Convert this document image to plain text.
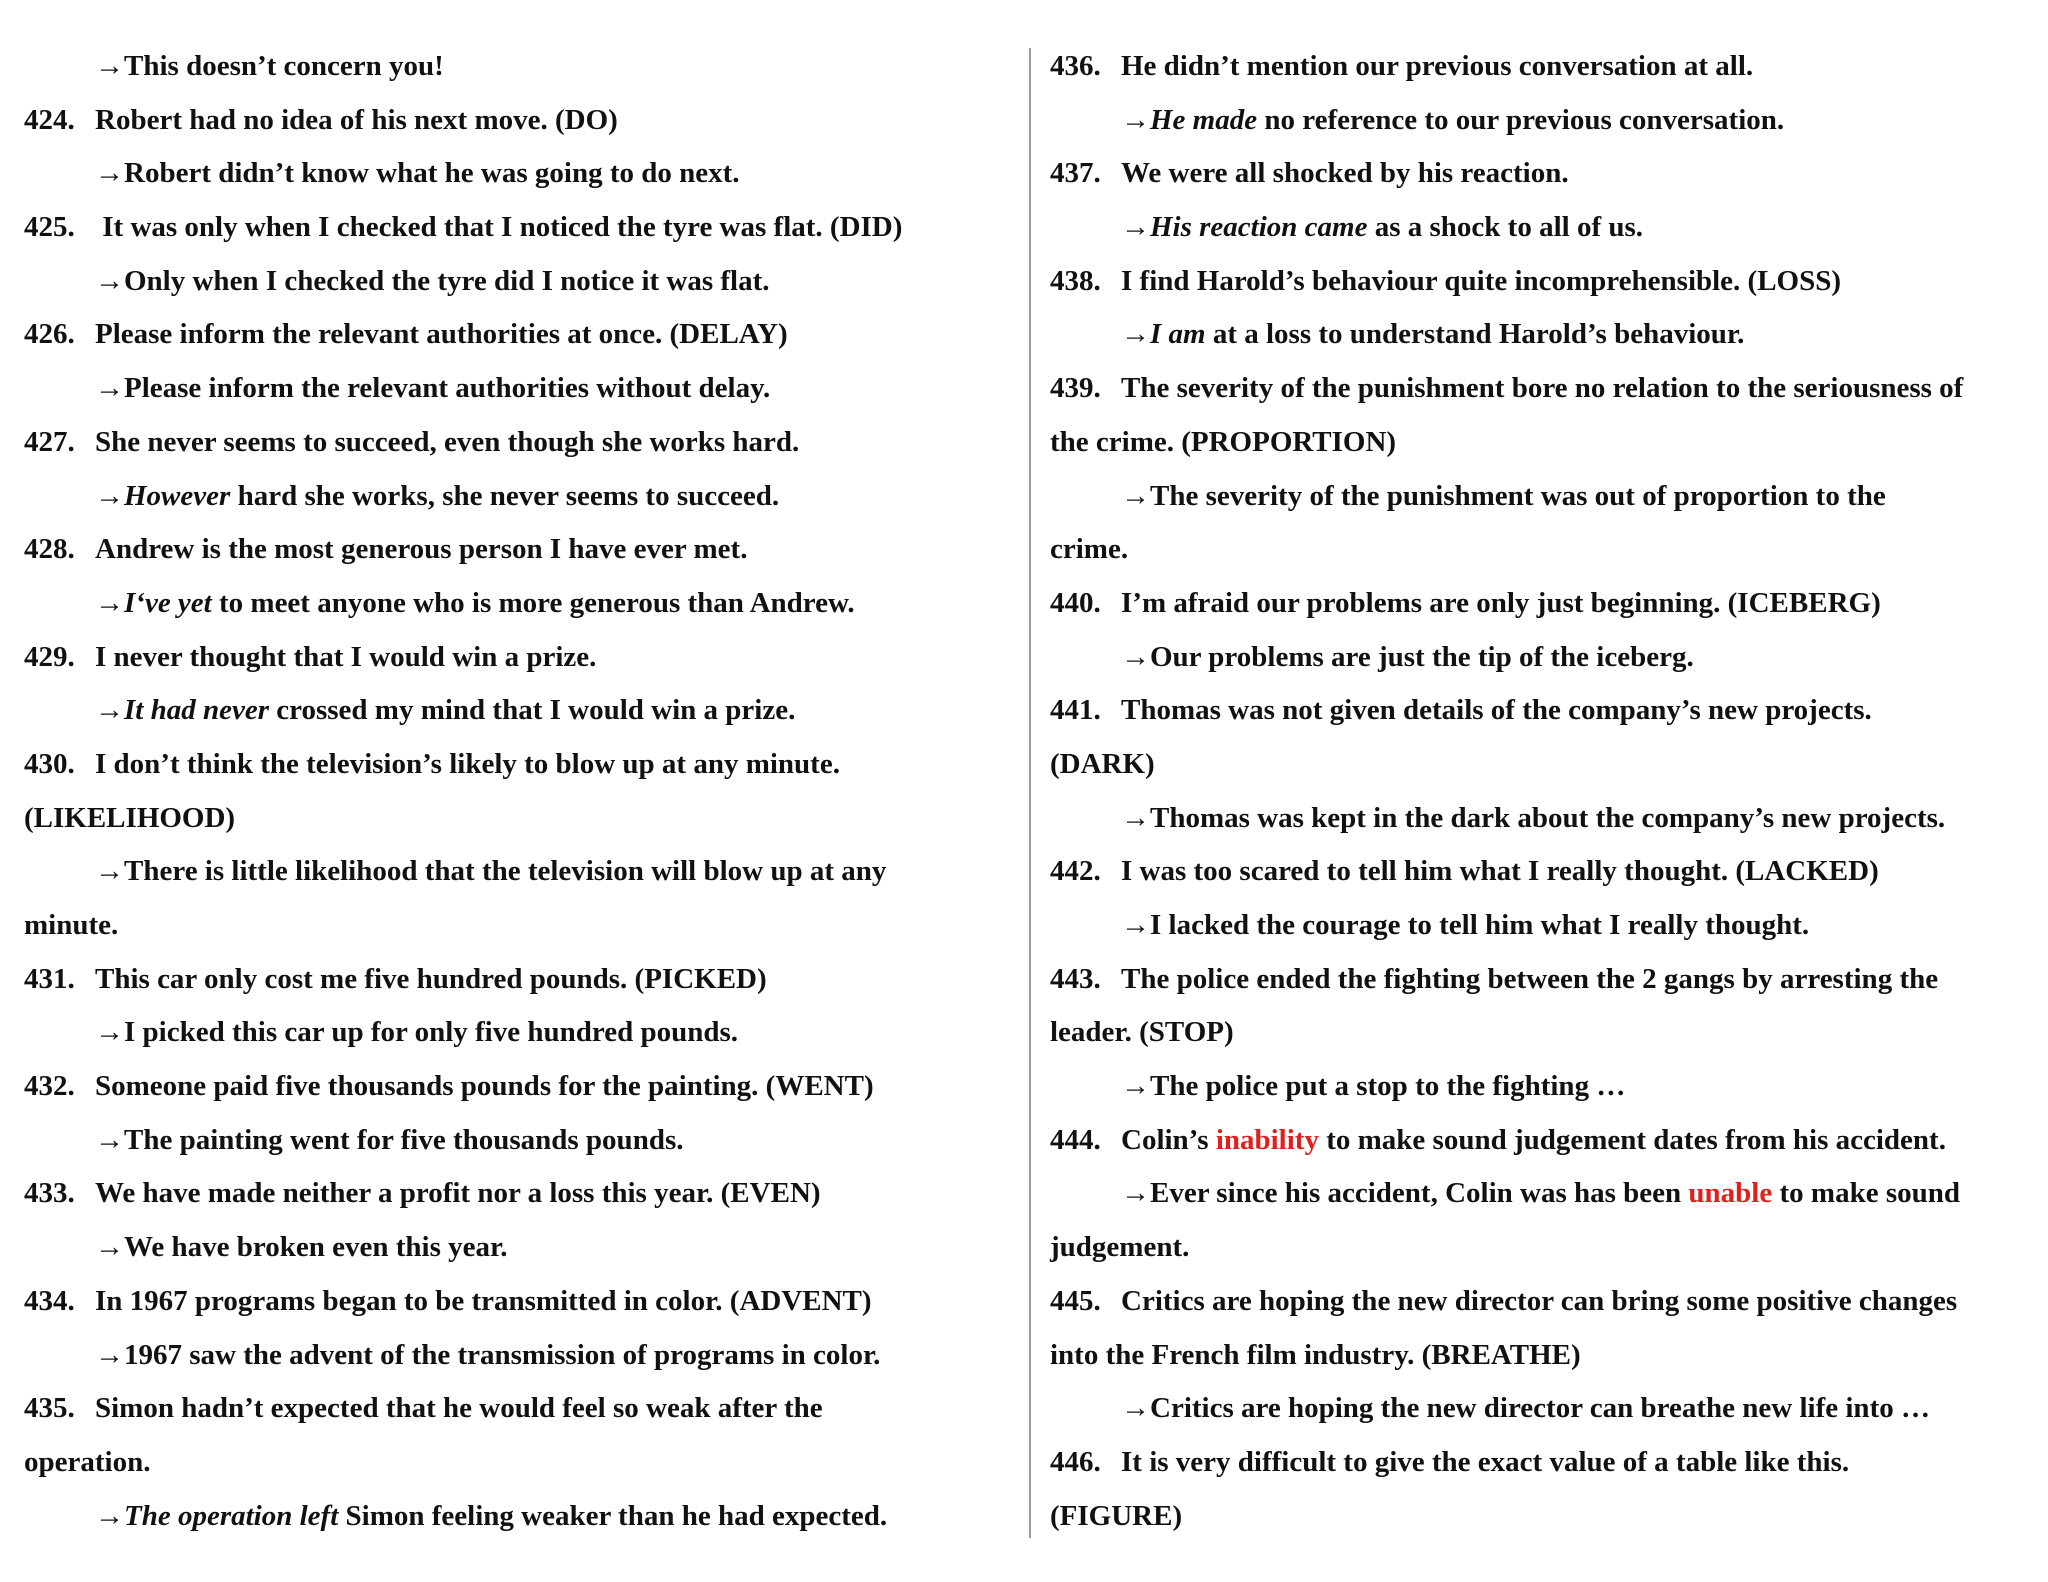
→This doesn’t concern you!
424. Robert had no idea of his next move. (DO)
→Robert didn’t know what he was going to do next.
425. It was only when I checked that I noticed the tyre was flat. (DID)
→Only when I checked the tyre did I notice it was flat.
426. Please inform the relevant authorities at once. (DELAY)
→Please inform the relevant authorities without delay.
427. She never seems to succeed, even though she works hard.
→However hard she works, she never seems to succeed.
428. Andrew is the most generous person I have ever met.
→I‘ve yet to meet anyone who is more generous than Andrew.
429. I never thought that I would win a prize.
→It had never crossed my mind that I would win a prize.
430. I don’t think the television’s likely to blow up at any minute.
(LIKELIHOOD)
→There is little likelihood that the television will blow up at any
minute.
431. This car only cost me five hundred pounds. (PICKED)
→I picked this car up for only five hundred pounds.
432. Someone paid five thousands pounds for the painting. (WENT)
→The painting went for five thousands pounds.
433. We have made neither a profit nor a loss this year. (EVEN)
→We have broken even this year.
434. In 1967 programs began to be transmitted in color. (ADVENT)
→1967 saw the advent of the transmission of programs in color.
435. Simon hadn’t expected that he would feel so weak after the
operation.
→The operation left Simon feeling weaker than he had expected.
436. He didn’t mention our previous conversation at all.
→He made no reference to our previous conversation.
437. We were all shocked by his reaction.
→His reaction came as a shock to all of us.
438. I find Harold’s behaviour quite incomprehensible. (LOSS)
→I am at a loss to understand Harold’s behaviour.
439. The severity of the punishment bore no relation to the seriousness of
the crime. (PROPORTION)
→The severity of the punishment was out of proportion to the
crime.
440. I’m afraid our problems are only just beginning. (ICEBERG)
→Our problems are just the tip of the iceberg.
441. Thomas was not given details of the company’s new projects.
(DARK)
→Thomas was kept in the dark about the company’s new projects.
442. I was too scared to tell him what I really thought. (LACKED)
→I lacked the courage to tell him what I really thought.
443. The police ended the fighting between the 2 gangs by arresting the
leader. (STOP)
→The police put a stop to the fighting …
444. Colin’s inability to make sound judgement dates from his accident.
→Ever since his accident, Colin was has been unable to make sound
judgement.
445. Critics are hoping the new director can bring some positive changes
into the French film industry. (BREATHE)
→Critics are hoping the new director can breathe new life into …
446. It is very difficult to give the exact value of a table like this.
(FIGURE)
